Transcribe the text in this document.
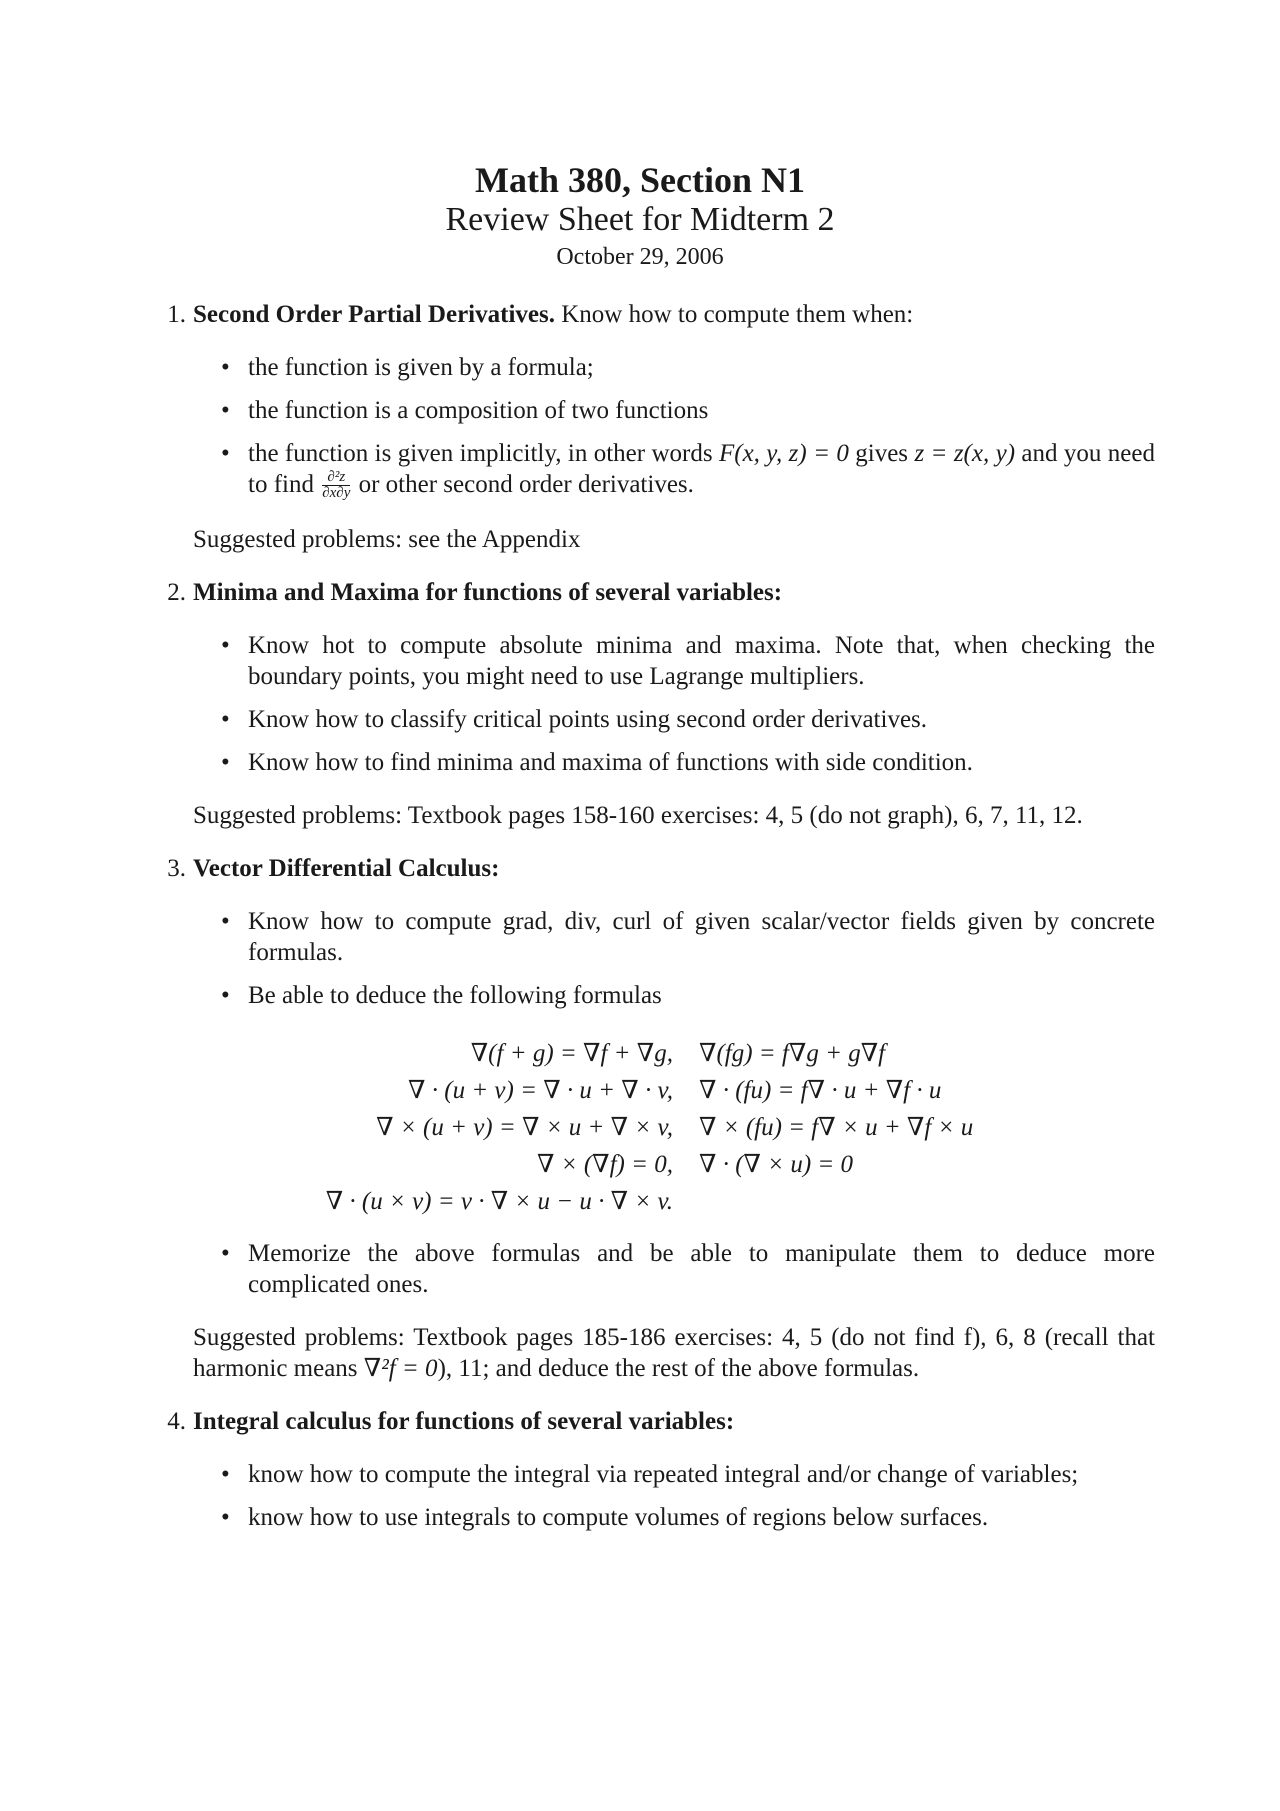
Math 380, Section N1
Review Sheet for Midterm 2
October 29, 2006
1. Second Order Partial Derivatives. Know how to compute them when:
• the function is given by a formula;
• the function is a composition of two functions
• the function is given implicitly, in other words F(x, y, z) = 0 gives z = z(x, y) and you need to find $\frac{\text{∂²z}}{\partial x\partial y}$ or other second order derivatives.
Suggested problems: see the Appendix
2. Minima and Maxima for functions of several variables:
• Know hot to compute absolute minima and maxima. Note that, when checking the boundary points, you might need to use Lagrange multipliers.
• Know how to classify critical points using second order derivatives.
• Know how to find minima and maxima of functions with side condition.
Suggested problems: Textbook pages 158-160 exercises: 4, 5 (do not graph), 6, 7, 11, 12.
3. Vector Differential Calculus:
• Know how to compute grad, div, curl of given scalar/vector fields given by concrete formulas.
• Be able to deduce the following formulas
∇(f + g) = ∇f + ∇g,		∇(fg) = f∇g + g∇f
∇ · (u + v) = ∇ · u + ∇ · v,		∇ · (fu) = f∇ · u + ∇f · u
∇ × (u + v) = ∇ × u + ∇ × v,		∇ × (fu) = f∇ × u + ∇f × u
∇ × (∇f) = 0,		∇ · (∇ × u) = 0
∇ · (u × v) = v · ∇ × u − u · ∇ × v.		
• Memorize the above formulas and be able to manipulate them to deduce more complicated ones.
Suggested problems: Textbook pages 185-186 exercises: 4, 5 (do not find f), 6, 8 (recall that harmonic means ∇²f = 0), 11; and deduce the rest of the above formulas.
4. Integral calculus for functions of several variables:
• know how to compute the integral via repeated integral and/or change of variables;
• know how to use integrals to compute volumes of regions below surfaces.
